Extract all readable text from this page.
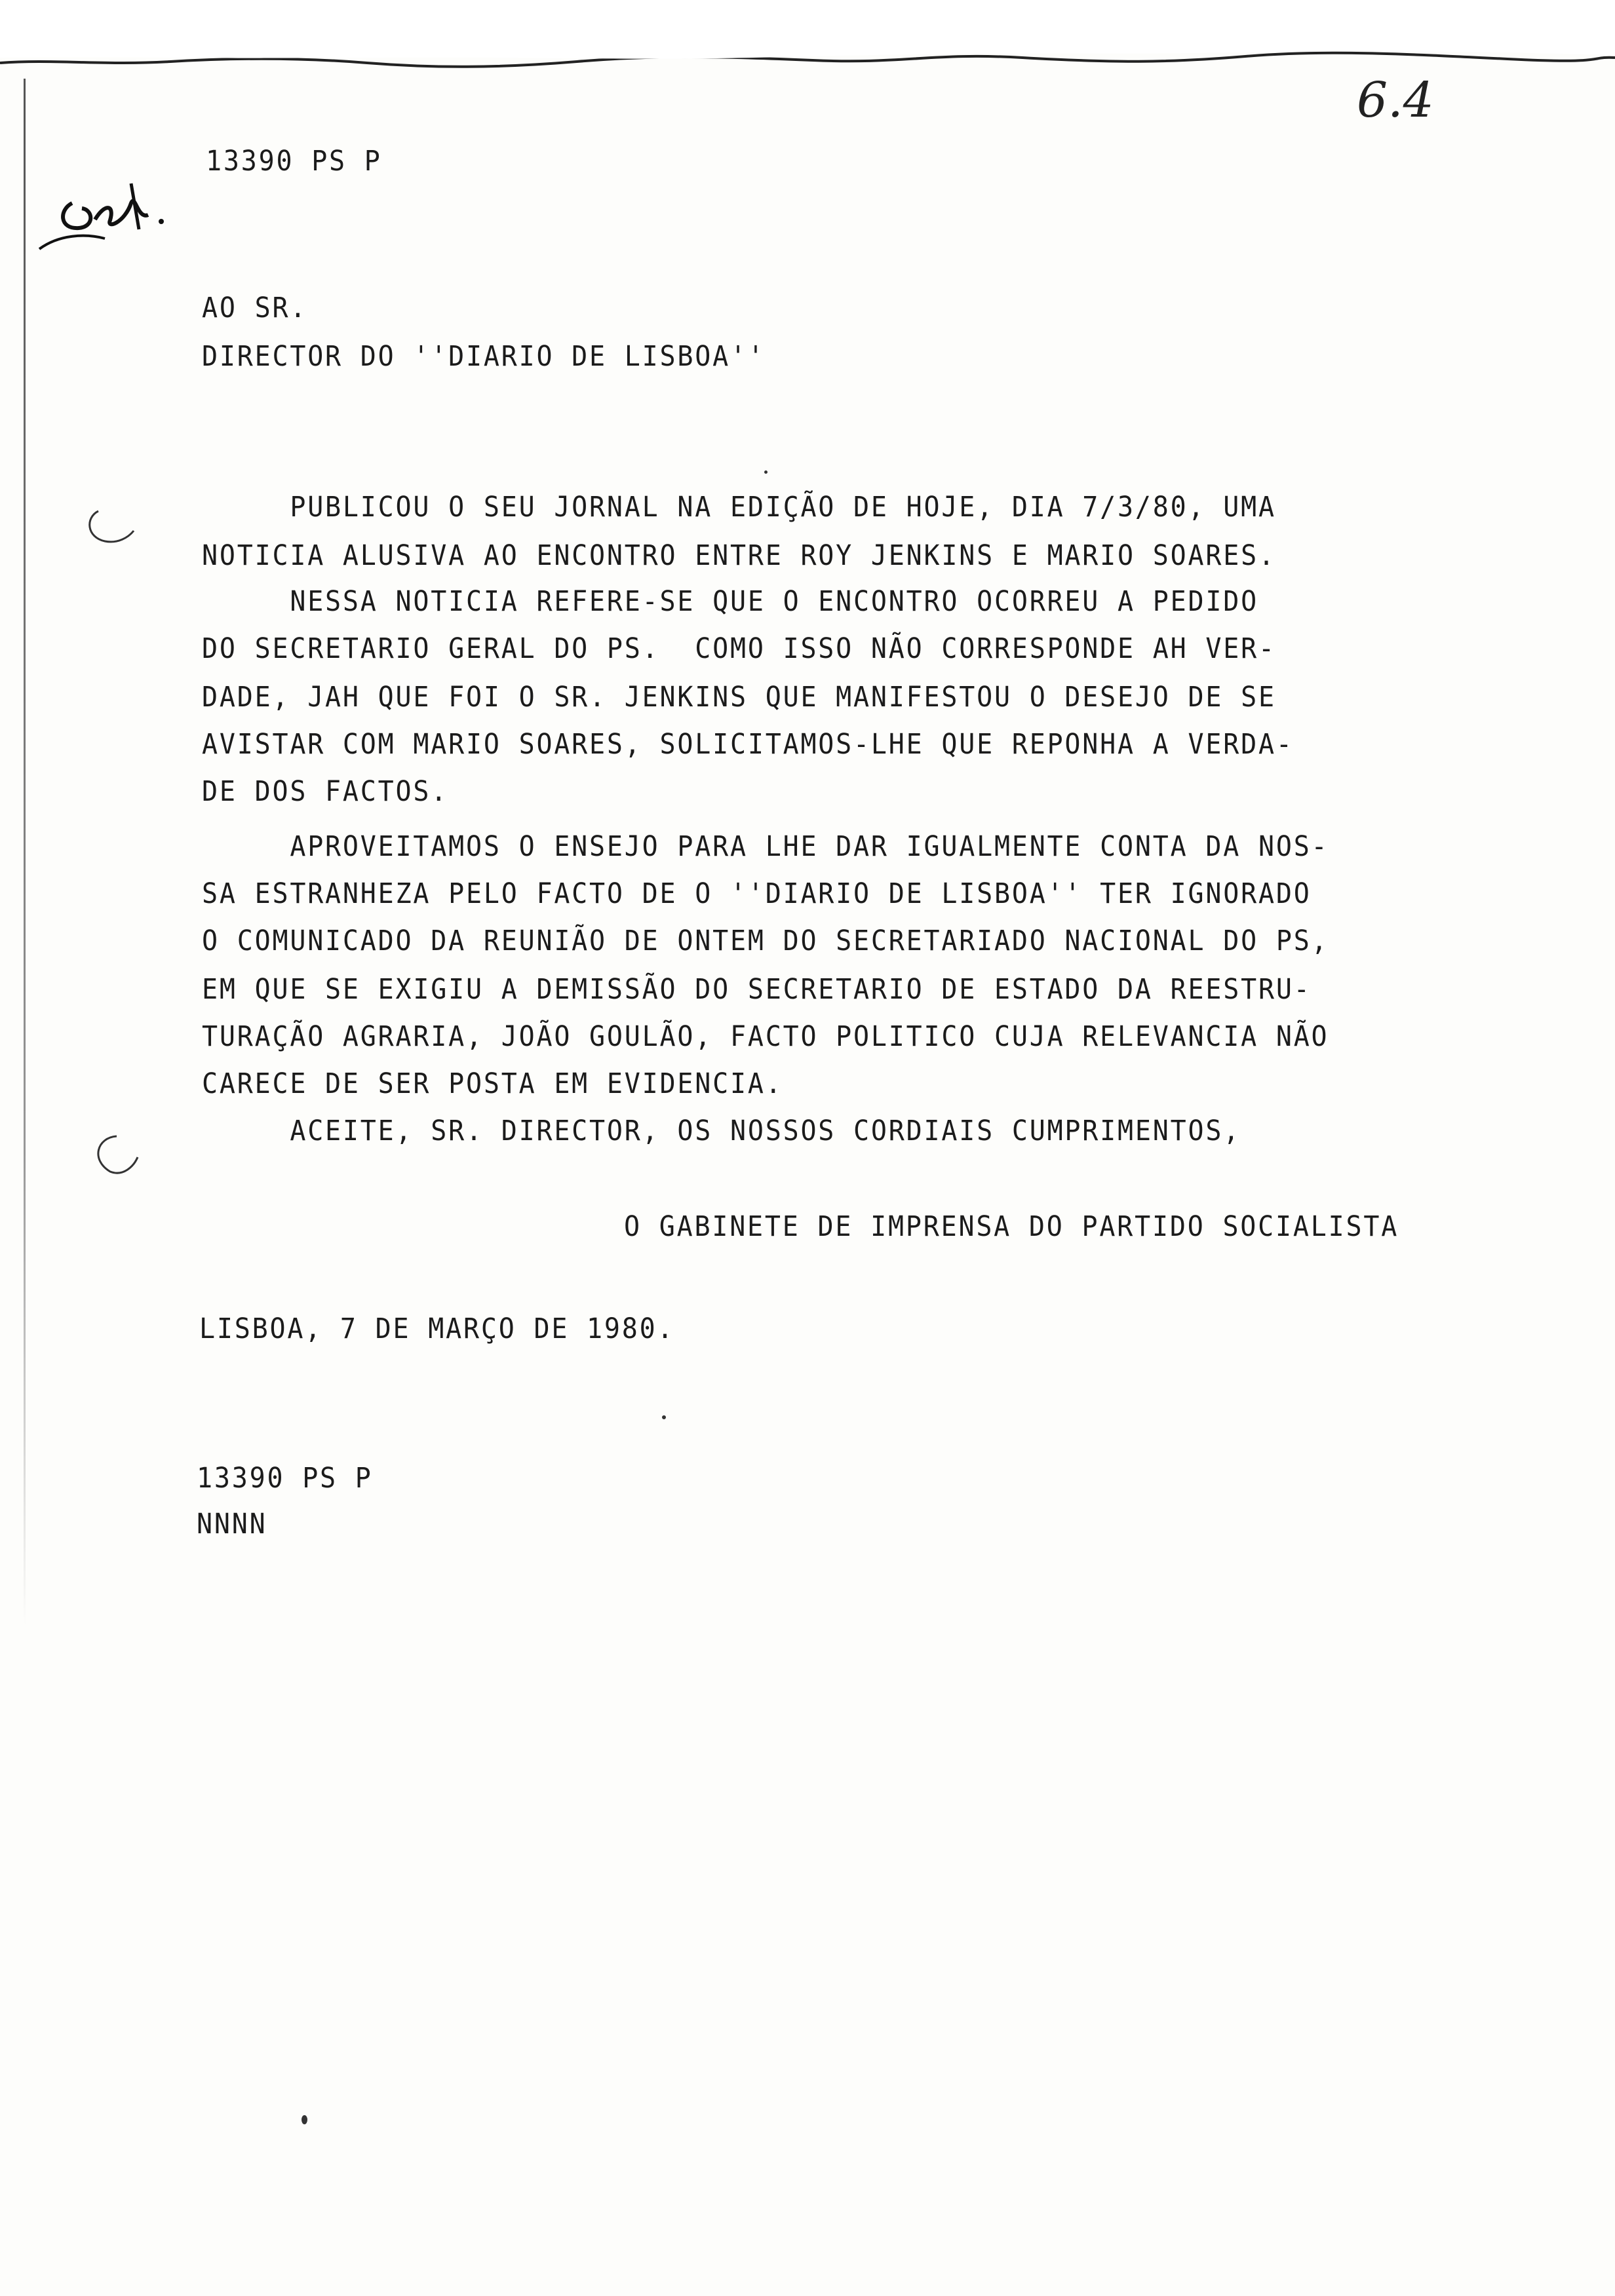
6.4
13390 PS P
AO SR.
DIRECTOR DO ''DIARIO DE LISBOA''
PUBLICOU O SEU JORNAL NA EDIÇÃO DE HOJE, DIA 7/3/80, UMA
NOTICIA ALUSIVA AO ENCONTRO ENTRE ROY JENKINS E MARIO SOARES.
NESSA NOTICIA REFERE-SE QUE O ENCONTRO OCORREU A PEDIDO
DO SECRETARIO GERAL DO PS.  COMO ISSO NÃO CORRESPONDE AH VER-
DADE, JAH QUE FOI O SR. JENKINS QUE MANIFESTOU O DESEJO DE SE
AVISTAR COM MARIO SOARES, SOLICITAMOS-LHE QUE REPONHA A VERDA-
DE DOS FACTOS.
APROVEITAMOS O ENSEJO PARA LHE DAR IGUALMENTE CONTA DA NOS-
SA ESTRANHEZA PELO FACTO DE O ''DIARIO DE LISBOA'' TER IGNORADO
O COMUNICADO DA REUNIÃO DE ONTEM DO SECRETARIADO NACIONAL DO PS,
EM QUE SE EXIGIU A DEMISSÃO DO SECRETARIO DE ESTADO DA REESTRU-
TURAÇÃO AGRARIA, JOÃO GOULÃO, FACTO POLITICO CUJA RELEVANCIA NÃO
CARECE DE SER POSTA EM EVIDENCIA.
ACEITE, SR. DIRECTOR, OS NOSSOS CORDIAIS CUMPRIMENTOS,
O GABINETE DE IMPRENSA DO PARTIDO SOCIALISTA
LISBOA, 7 DE MARÇO DE 1980.
13390 PS P
NNNN
